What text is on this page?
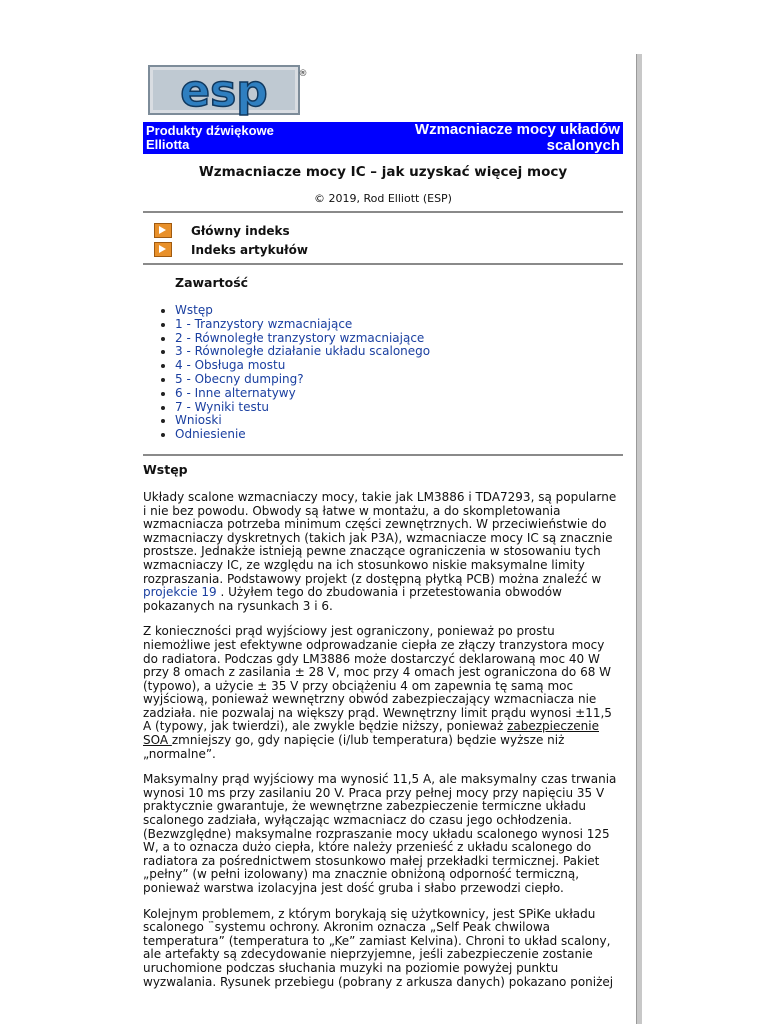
esp	®
Produkty dźwiękowe Elliotta
Wzmacniacze mocy układów scalonych
Wzmacniacze mocy IC – jak uzyskać więcej mocy
© 2019, Rod Elliott (ESP)
Główny indeks
Indeks artykułów
Zawartość
• Wstęp
• 1 - Tranzystory wzmacniające
• 2 - Równoległe tranzystory wzmacniające
• 3 - Równoległe działanie układu scalonego
• 4 - Obsługa mostu
• 5 - Obecny dumping?
• 6 - Inne alternatywy
• 7 - Wyniki testu
• Wnioski
• Odniesienie
Wstęp

Układy scalone wzmacniaczy mocy, takie jak LM3886 i TDA7293, są popularne i nie bez powodu. Obwody są łatwe w montażu, a do skompletowania wzmacniacza potrzeba minimum części zewnętrznych. W przeciwieństwie do wzmacniaczy dyskretnych (takich jak P3A), wzmacniacze mocy IC są znacznie prostsze. Jednakże istnieją pewne znaczące ograniczenia w stosowaniu tych wzmacniaczy IC, ze względu na ich stosunkowo niskie maksymalne limity rozpraszania. Podstawowy projekt (z dostępną płytką PCB) można znaleźć w projekcie 19 . Użyłem tego do zbudowania i przetestowania obwodów pokazanych na rysunkach 3 i 6.

Z konieczności prąd wyjściowy jest ograniczony, ponieważ po prostu niemożliwe jest efektywne odprowadzanie ciepła ze złączy tranzystora mocy do radiatora. Podczas gdy LM3886 może dostarczyć deklarowaną moc 40 W przy 8 omach z zasilania ± 28 V, moc przy 4 omach jest ograniczona do 68 W (typowo), a użycie ± 35 V przy obciążeniu 4 om zapewnia tę samą moc wyjściową, ponieważ wewnętrzny obwód zabezpieczający wzmacniacza nie zadziała. nie pozwalaj na większy prąd. Wewnętrzny limit prądu wynosi ±11,5 A (typowy, jak twierdzi), ale zwykle będzie niższy, ponieważ zabezpieczenie SOA zmniejszy go, gdy napięcie (i/lub temperatura) będzie wyższe niż „normalne”.

Maksymalny prąd wyjściowy ma wynosić 11,5 A, ale maksymalny czas trwania wynosi 10 ms przy zasilaniu 20 V. Praca przy pełnej mocy przy napięciu 35 V praktycznie gwarantuje, że wewnętrzne zabezpieczenie termiczne układu scalonego zadziała, wyłączając wzmacniacz do czasu jego ochłodzenia. (Bezwzględne) maksymalne rozpraszanie mocy układu scalonego wynosi 125 W, a to oznacza dużo ciepła, które należy przenieść z układu scalonego do radiatora za pośrednictwem stosunkowo małej przekładki termicznej. Pakiet „pełny” (w pełni izolowany) ma znacznie obniżoną odporność termiczną, ponieważ warstwa izolacyjna jest dość gruba i słabo przewodzi ciepło.

Kolejnym problemem, z którym borykają się użytkownicy, jest SPiKe układu scalonego ™systemu ochrony. Akronim oznacza „Self Peak chwilowa temperatura” (temperatura to „Ke” zamiast Kelvina). Chroni to układ scalony, ale artefakty są zdecydowanie nieprzyjemne, jeśli zabezpieczenie zostanie uruchomione podczas słuchania muzyki na poziomie powyżej punktu wyzwalania. Rysunek przebiegu (pobrany z arkusza danych) pokazano poniżej
